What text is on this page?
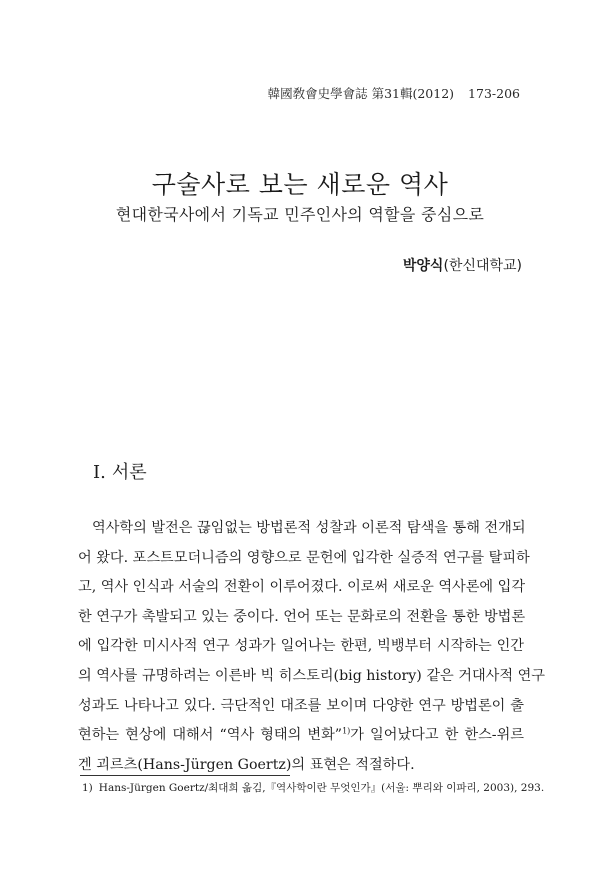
韓國敎會史學會誌 第31輯(2012) 173-206
구술사로 보는 새로운 역사
현대한국사에서 기독교 민주인사의 역할을 중심으로
박양식(한신대학교)
Ⅰ. 서론
역사학의 발전은 끊임없는 방법론적 성찰과 이론적 탐색을 통해 전개되
어 왔다. 포스트모더니즘의 영향으로 문헌에 입각한 실증적 연구를 탈피하
고, 역사 인식과 서술의 전환이 이루어졌다. 이로써 새로운 역사론에 입각
한 연구가 촉발되고 있는 중이다. 언어 또는 문화로의 전환을 통한 방법론
에 입각한 미시사적 연구 성과가 일어나는 한편, 빅뱅부터 시작하는 인간
의 역사를 규명하려는 이른바 빅 히스토리(big history) 같은 거대사적 연구
성과도 나타나고 있다. 극단적인 대조를 보이며 다양한 연구 방법론이 출
현하는 현상에 대해서 “역사 형태의 변화”$^{1)}$가 일어났다고 한 한스-위르
겐 괴르츠(Hans-Jürgen Goertz)의 표현은 적절하다.
1) Hans-Jürgen Goertz/최대희 옮김,『역사학이란 무엇인가』(서울: 뿌리와 이파리, 2003), 293.
